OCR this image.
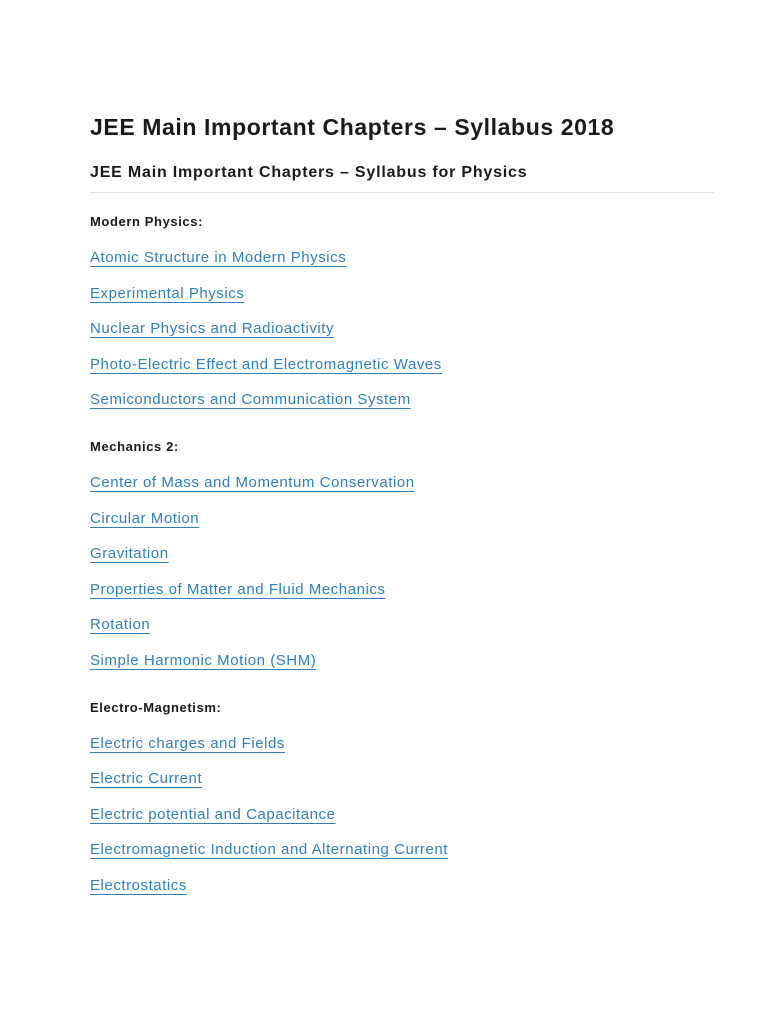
JEE Main Important Chapters – Syllabus 2018
JEE Main Important Chapters – Syllabus for Physics
Modern Physics:
Atomic Structure in Modern Physics
Experimental Physics
Nuclear Physics and Radioactivity
Photo-Electric Effect and Electromagnetic Waves
Semiconductors and Communication System
Mechanics 2:
Center of Mass and Momentum Conservation
Circular Motion
Gravitation
Properties of Matter and Fluid Mechanics
Rotation
Simple Harmonic Motion (SHM)
Electro-Magnetism:
Electric charges and Fields
Electric Current
Electric potential and Capacitance
Electromagnetic Induction and Alternating Current
Electrostatics
